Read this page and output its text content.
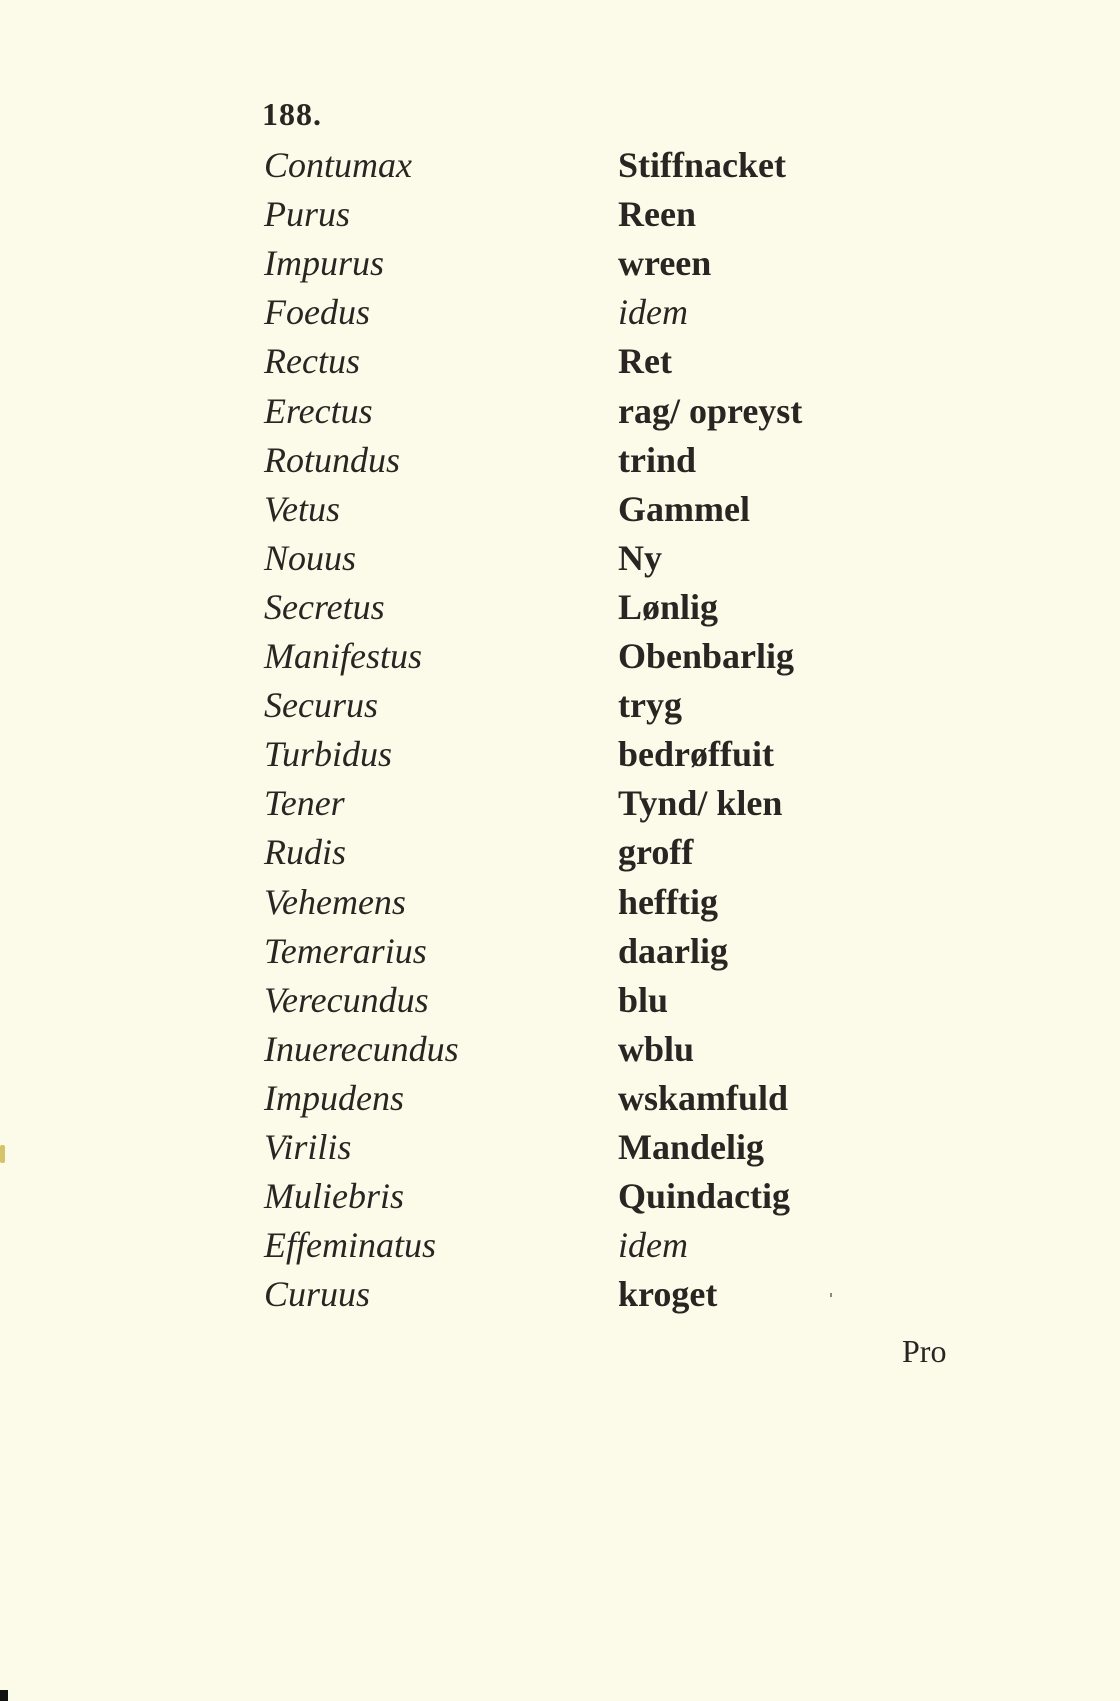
188.
Contumax	Stiffnacket
Purus	Reen
Impurus	wreen
Foedus	idem
Rectus	Ret
Erectus	rag/ opreyst
Rotundus	trind
Vetus	Gammel
Nouus	Ny
Secretus	Lønlig
Manifestus	Obenbarlig
Securus	tryg
Turbidus	bedrøffuit
Tener	Tynd/ klen
Rudis	groff
Vehemens	hefftig
Temerarius	daarlig
Verecundus	blu
Inuerecundus	wblu
Impudens	wskamfuld
Virilis	Mandelig
Muliebris	Quindactig
Effeminatus	idem
Curuus	kroget
Pro
